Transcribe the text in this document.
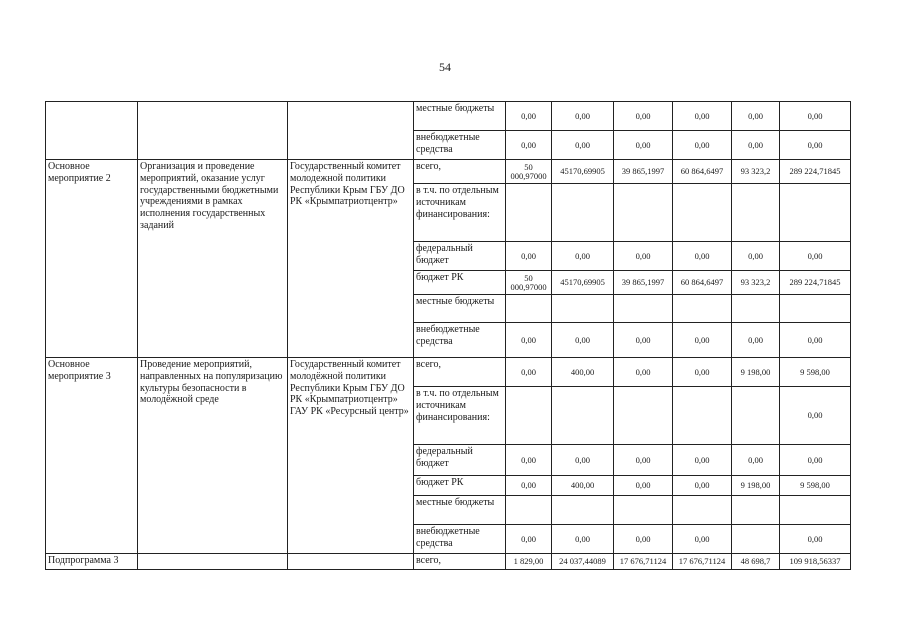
54
			местные бюджеты	0,00	0,00	0,00	0,00	0,00	0,00
			внебюджетные средства	0,00	0,00	0,00	0,00	0,00	0,00
Основное мероприятие 2	Организация и проведение мероприятий, оказание услуг государственными бюджетными учреждениями в рамках исполнения государственных заданий	Государственный комитет молодежной политики Республики Крым ГБУ ДО РК «Крымпатриотцентр»	всего,	50 000,97000	45170,69905	39 865,1997	60 864,6497	93 323,2	289 224,71845
			в т.ч. по отдельным источникам финансирования:						
			федеральный бюджет	0,00	0,00	0,00	0,00	0,00	0,00
			бюджет РК	50 000,97000	45170,69905	39 865,1997	60 864,6497	93 323,2	289 224,71845
			местные бюджеты						
			внебюджетные средства	0,00	0,00	0,00	0,00	0,00	0,00
Основное мероприятие 3	Проведение мероприятий, направленных на популяризацию культуры безопасности в молодёжной среде	Государственный комитет молодёжной политики Республики Крым ГБУ ДО РК «Крымпатриотцентр» ГАУ РК «Ресурсный центр»	всего,	0,00	400,00	0,00	0,00	9 198,00	9 598,00
			в т.ч. по отдельным источникам финансирования:						0,00
			федеральный бюджет	0,00	0,00	0,00	0,00	0,00	0,00
			бюджет РК	0,00	400,00	0,00	0,00	9 198,00	9 598,00
			местные бюджеты						
			внебюджетные средства	0,00	0,00	0,00	0,00		0,00
Подпрограмма 3			всего,	1 829,00	24 037,44089	17 676,71124	17 676,71124	48 698,7	109 918,56337
